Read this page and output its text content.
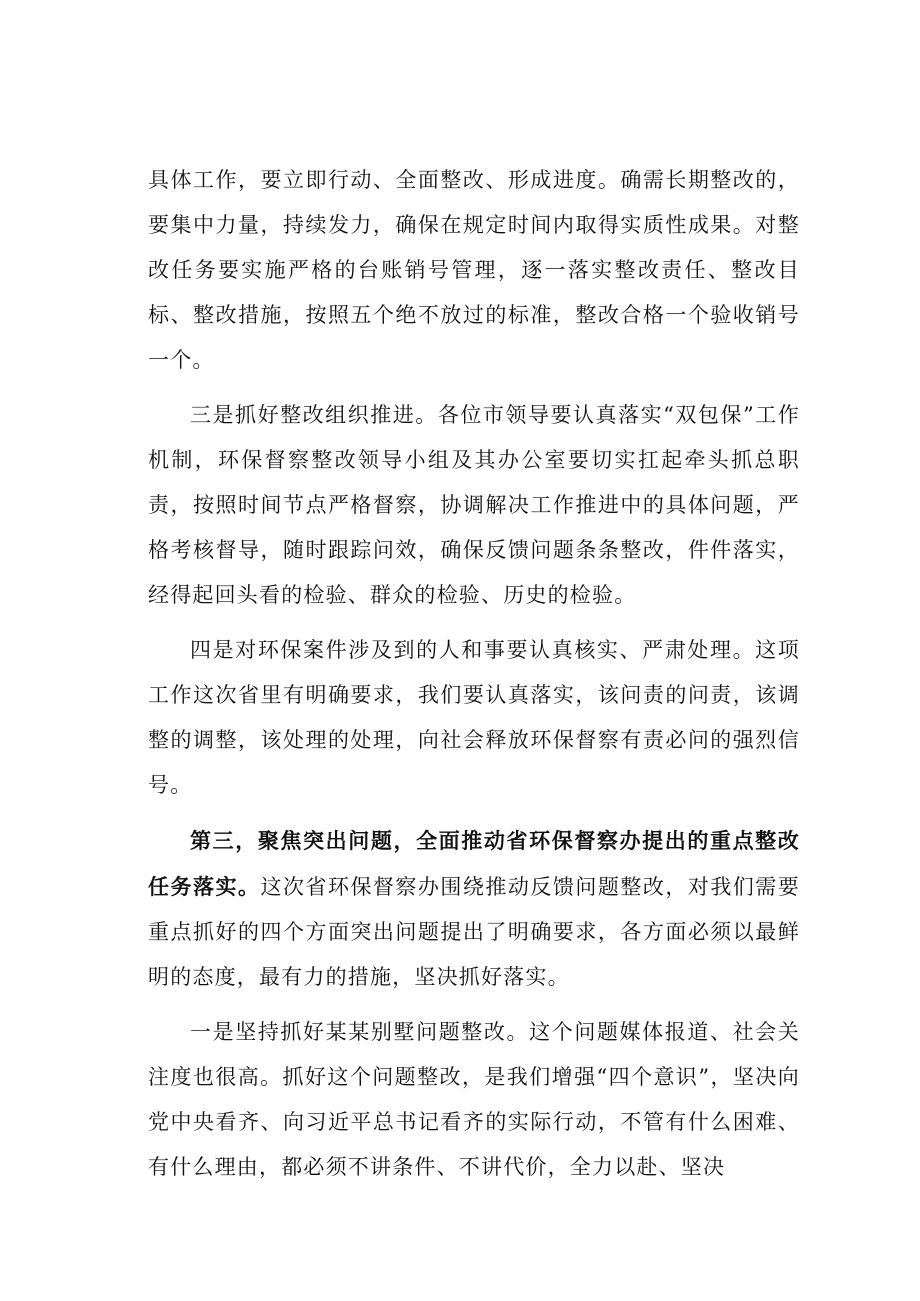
具体工作，要立即行动、全面整改、形成进度。确需长期整改的，要集中力量，持续发力，确保在规定时间内取得实质性成果。对整改任务要实施严格的台账销号管理，逐一落实整改责任、整改目标、整改措施，按照五个绝不放过的标准，整改合格一个验收销号一个。

三是抓好整改组织推进。各位市领导要认真落实“双包保”工作机制，环保督察整改领导小组及其办公室要切实扛起牵头抓总职责，按照时间节点严格督察，协调解决工作推进中的具体问题，严格考核督导，随时跟踪问效，确保反馈问题条条整改，件件落实，经得起回头看的检验、群众的检验、历史的检验。

四是对环保案件涉及到的人和事要认真核实、严肃处理。这项工作这次省里有明确要求，我们要认真落实，该问责的问责，该调整的调整，该处理的处理，向社会释放环保督察有责必问的强烈信号。

第三，聚焦突出问题，全面推动省环保督察办提出的重点整改任务落实。这次省环保督察办围绕推动反馈问题整改，对我们需要重点抓好的四个方面突出问题提出了明确要求，各方面必须以最鲜明的态度，最有力的措施，坚决抓好落实。

一是坚持抓好某某别墅问题整改。这个问题媒体报道、社会关注度也很高。抓好这个问题整改，是我们增强“四个意识”，坚决向党中央看齐、向习近平总书记看齐的实际行动，不管有什么困难、有什么理由，都必须不讲条件、不讲代价，全力以赴、坚决
